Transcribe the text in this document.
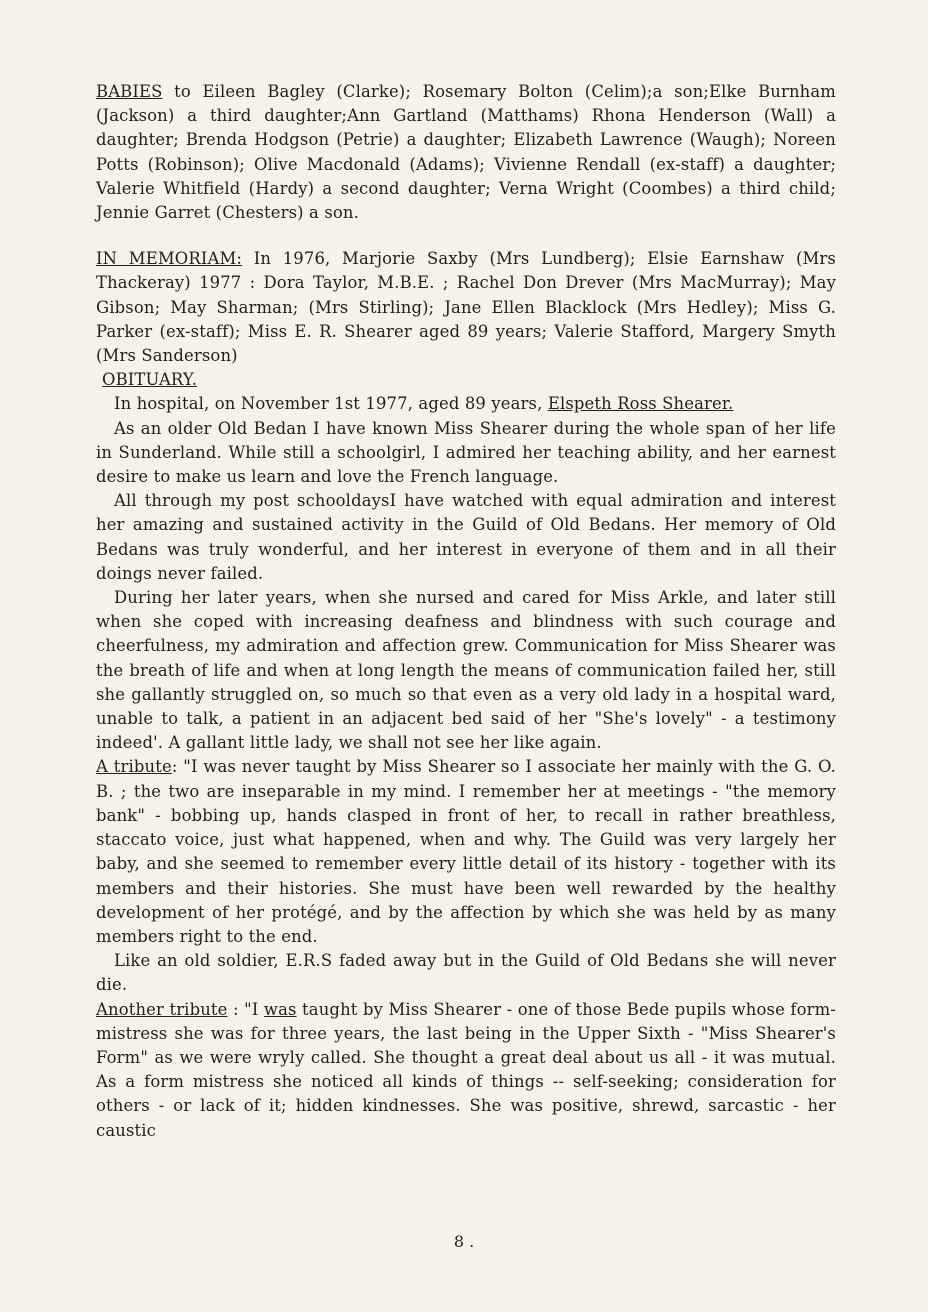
BABIES to Eileen Bagley (Clarke); Rosemary Bolton (Celim);a son;Elke Burnham (Jackson) a third daughter;Ann Gartland (Matthams) Rhona Henderson (Wall) a daughter; Brenda Hodgson (Petrie) a daughter; Elizabeth Lawrence (Waugh); Noreen Potts (Robinson); Olive Macdonald (Adams); Vivienne Rendall (ex-staff) a daughter; Valerie Whitfield (Hardy) a second daughter; Verna Wright (Coombes) a third child; Jennie Garret (Chesters) a son.

IN MEMORIAM: In 1976, Marjorie Saxby (Mrs Lundberg); Elsie Earnshaw (Mrs Thackeray) 1977 : Dora Taylor, M.B.E. ; Rachel Don Drever (Mrs MacMurray); May Gibson; May Sharman; (Mrs Stirling); Jane Ellen Blacklock (Mrs Hedley); Miss G. Parker (ex-staff); Miss E. R. Shearer aged 89 years; Valerie Stafford, Margery Smyth (Mrs Sanderson)

OBITUARY.

In hospital, on November 1st 1977, aged 89 years, Elspeth Ross Shearer.

As an older Old Bedan I have known Miss Shearer during the whole span of her life in Sunderland. While still a schoolgirl, I admired her teaching ability, and her earnest desire to make us learn and love the French language.

All through my post schooldaysI have watched with equal admiration and interest her amazing and sustained activity in the Guild of Old Bedans. Her memory of Old Bedans was truly wonderful, and her interest in everyone of them and in all their doings never failed.

During her later years, when she nursed and cared for Miss Arkle, and later still when she coped with increasing deafness and blindness with such courage and cheerfulness, my admiration and affection grew. Communication for Miss Shearer was the breath of life and when at long length the means of communication failed her, still she gallantly struggled on, so much so that even as a very old lady in a hospital ward, unable to talk, a patient in an adjacent bed said of her "She's lovely" - a testimony indeed'. A gallant little lady, we shall not see her like again.

A tribute: "I was never taught by Miss Shearer so I associate her mainly with the G. O. B. ; the two are inseparable in my mind. I remember her at meetings - "the memory bank" - bobbing up, hands clasped in front of her, to recall in rather breathless, staccato voice, just what happened, when and why. The Guild was very largely her baby, and she seemed to remember every little detail of its history - together with its members and their histories. She must have been well rewarded by the healthy development of her protégé, and by the affection by which she was held by as many members right to the end.

Like an old soldier, E.R.S faded away but in the Guild of Old Bedans she will never die.

Another tribute : "I was taught by Miss Shearer - one of those Bede pupils whose form-mistress she was for three years, the last being in the Upper Sixth - "Miss Shearer's Form" as we were wryly called. She thought a great deal about us all - it was mutual. As a form mistress she noticed all kinds of things -- self-seeking; consideration for others - or lack of it; hidden kindnesses. She was positive, shrewd, sarcastic - her caustic

8 .
